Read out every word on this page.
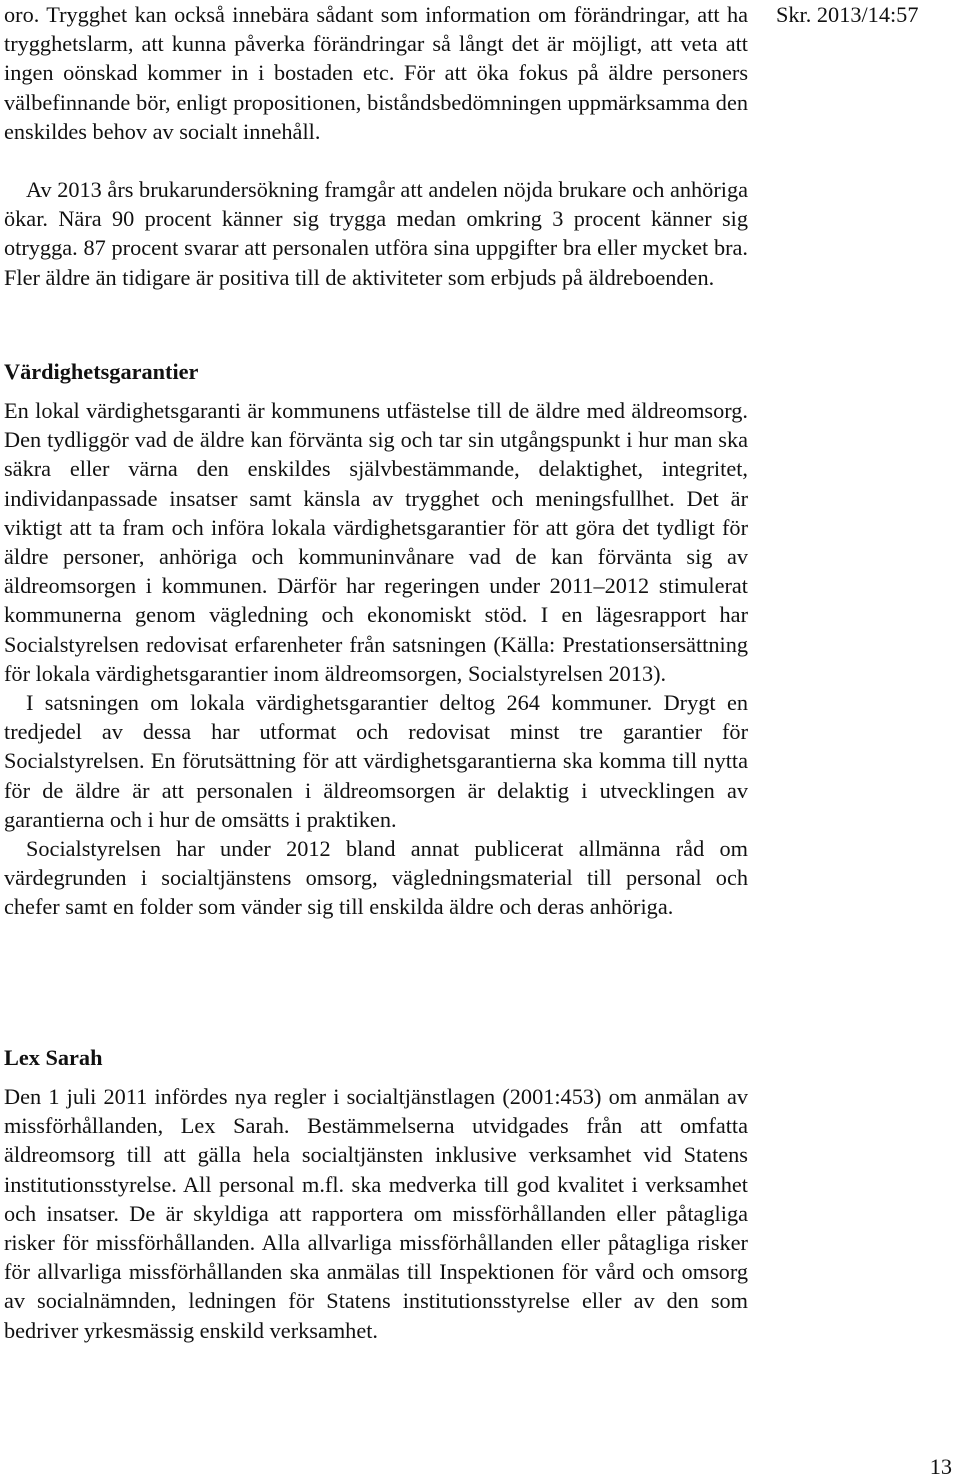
oro. Trygghet kan också innebära sådant som information om förändringar, att ha trygghetslarm, att kunna påverka förändringar så långt det är möjligt, att veta att ingen oönskad kommer in i bostaden etc. För att öka fokus på äldre personers välbefinnande bör, enligt propositionen, biståndsbedömningen uppmärksamma den enskildes behov av socialt innehåll.

Av 2013 års brukarundersökning framgår att andelen nöjda brukare och anhöriga ökar. Nära 90 procent känner sig trygga medan omkring 3 procent känner sig otrygga. 87 procent svarar att personalen utföra sina uppgifter bra eller mycket bra. Fler äldre än tidigare är positiva till de aktiviteter som erbjuds på äldreboenden.

Värdighetsgarantier

En lokal värdighetsgaranti är kommunens utfästelse till de äldre med äldreomsorg. Den tydliggör vad de äldre kan förvänta sig och tar sin utgångspunkt i hur man ska säkra eller värna den enskildes självbestämmande, delaktighet, integritet, individanpassade insatser samt känsla av trygghet och meningsfullhet. Det är viktigt att ta fram och införa lokala värdighetsgarantier för att göra det tydligt för äldre personer, anhöriga och kommuninvånare vad de kan förvänta sig av äldreomsorgen i kommunen. Därför har regeringen under 2011–2012 stimulerat kommunerna genom vägledning och ekonomiskt stöd. I en lägesrapport har Socialstyrelsen redovisat erfarenheter från satsningen (Källa: Prestationsersättning för lokala värdighetsgarantier inom äldreomsorgen, Socialstyrelsen 2013).

I satsningen om lokala värdighetsgarantier deltog 264 kommuner. Drygt en tredjedel av dessa har utformat och redovisat minst tre garantier för Socialstyrelsen. En förutsättning för att värdighetsgarantierna ska komma till nytta för de äldre är att personalen i äldreomsorgen är delaktig i utvecklingen av garantierna och i hur de omsätts i praktiken.

Socialstyrelsen har under 2012 bland annat publicerat allmänna råd om värdegrunden i socialtjänstens omsorg, vägledningsmaterial till personal och chefer samt en folder som vänder sig till enskilda äldre och deras anhöriga.

Lex Sarah

Den 1 juli 2011 infördes nya regler i socialtjänstlagen (2001:453) om anmälan av missförhållanden, Lex Sarah. Bestämmelserna utvidgades från att omfatta äldreomsorg till att gälla hela socialtjänsten inklusive verksamhet vid Statens institutionsstyrelse. All personal m.fl. ska medverka till god kvalitet i verksamhet och insatser. De är skyldiga att rapportera om missförhållanden eller påtagliga risker för missförhållanden. Alla allvarliga missförhållanden eller påtagliga risker för allvarliga missförhållanden ska anmälas till Inspektionen för vård och omsorg av socialnämnden, ledningen för Statens institutionsstyrelse eller av den som bedriver yrkesmässig enskild verksamhet.

Skr. 2013/14:57
13
